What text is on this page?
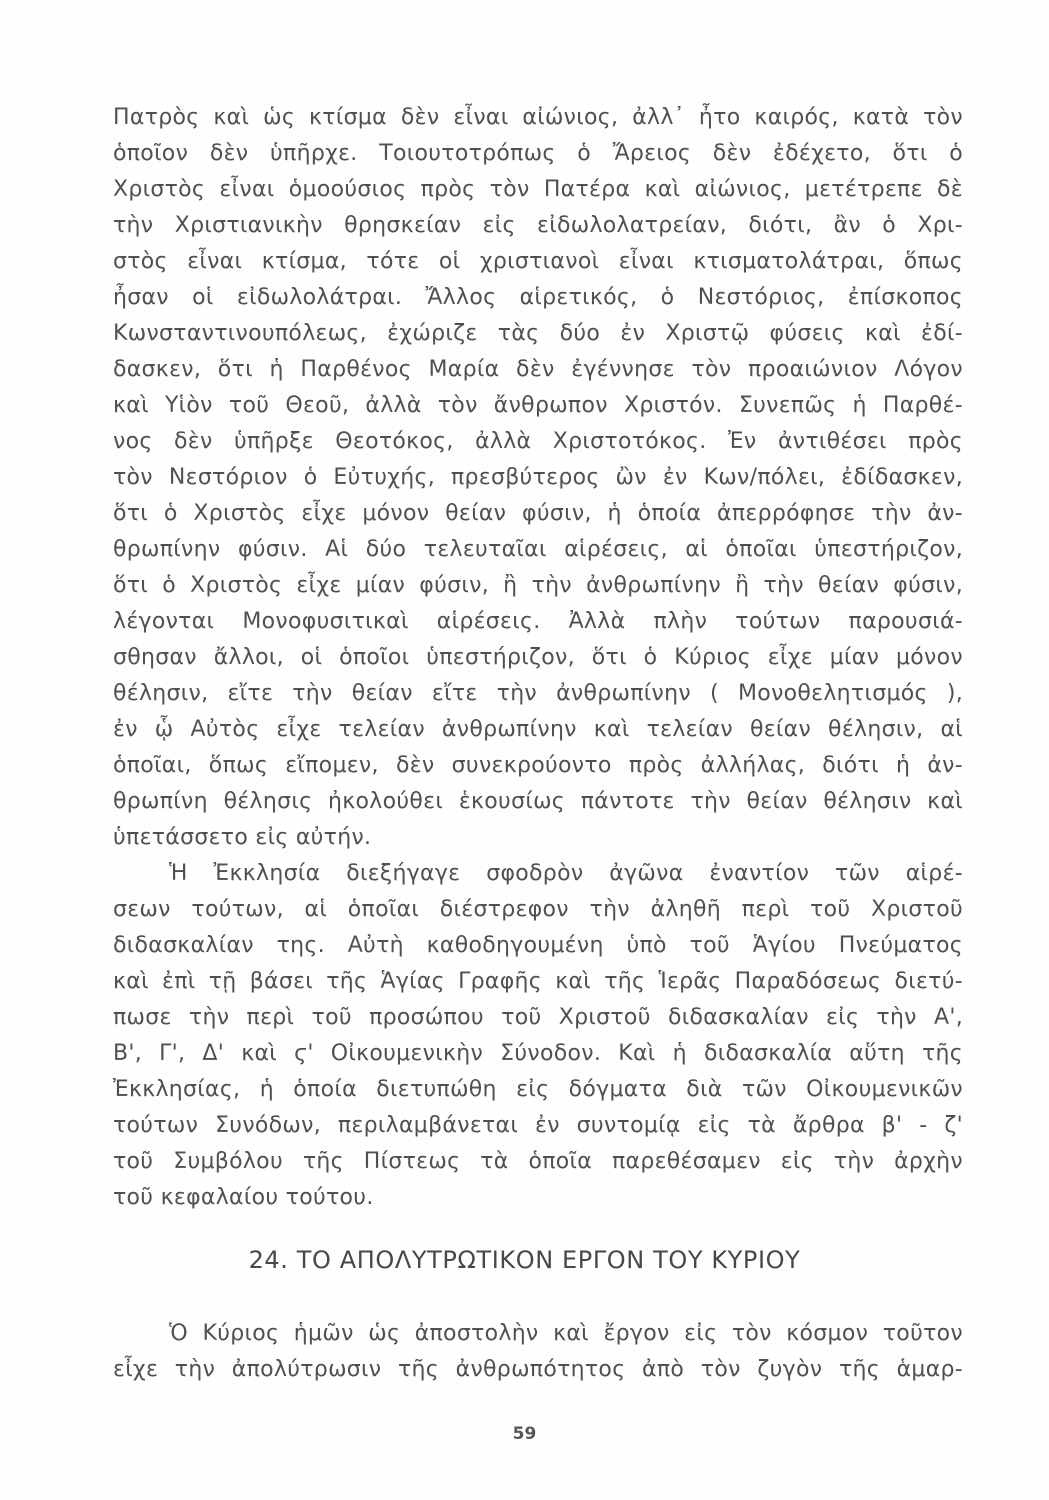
Πατρὸς καὶ ὡς κτίσμα δὲν εἶναι αἰώνιος, ἀλλ᾽ ἦτο καιρός, κατὰ τὸν

ὁποῖον δὲν ὑπῆρχε. Τοιουτοτρόπως ὁ Ἄρειος δὲν ἐδέχετο, ὅτι ὁ

Χριστὸς εἶναι ὁμοούσιος πρὸς τὸν Πατέρα καὶ αἰώνιος, μετέτρεπε δὲ

τὴν Χριστιανικὴν θρησκείαν εἰς εἰδωλολατρείαν, διότι, ἂν ὁ Χρι-

στὸς εἶναι κτίσμα, τότε οἱ χριστιανοὶ εἶναι κτισματολάτραι, ὅπως

ἦσαν οἱ εἰδωλολάτραι. Ἄλλος αἱρετικός, ὁ Νεστόριος, ἐπίσκοπος

Κωνσταντινουπόλεως, ἐχώριζε τὰς δύο ἐν Χριστῷ φύσεις καὶ ἐδί-

δασκεν, ὅτι ἡ Παρθένος Μαρία δὲν ἐγέννησε τὸν προαιώνιον Λόγον

καὶ Υἱὸν τοῦ Θεοῦ, ἀλλὰ τὸν ἄνθρωπον Χριστόν. Συνεπῶς ἡ Παρθέ-

νος δὲν ὑπῆρξε Θεοτόκος, ἀλλὰ Χριστοτόκος. Ἐν ἀντιθέσει πρὸς

τὸν Νεστόριον ὁ Εὐτυχής, πρεσβύτερος ὢν ἐν Κων/πόλει, ἐδίδασκεν,

ὅτι ὁ Χριστὸς εἶχε μόνον θείαν φύσιν, ἡ ὁποία ἀπερρόφησε τὴν ἀν-

θρωπίνην φύσιν. Αἱ δύο τελευταῖαι αἱρέσεις, αἱ ὁποῖαι ὑπεστήριζον,

ὅτι ὁ Χριστὸς εἶχε μίαν φύσιν, ἢ τὴν ἀνθρωπίνην ἢ τὴν θείαν φύσιν,

λέγονται Μονοφυσιτικαὶ αἱρέσεις. Ἀλλὰ πλὴν τούτων παρουσιά-

σθησαν ἄλλοι, οἱ ὁποῖοι ὑπεστήριζον, ὅτι ὁ Κύριος εἶχε μίαν μόνον

θέλησιν, εἴτε τὴν θείαν εἴτε τὴν ἀνθρωπίνην ( Μονοθελητισμός ),

ἐν ᾧ Αὐτὸς εἶχε τελείαν ἀνθρωπίνην καὶ τελείαν θείαν θέλησιν, αἱ

ὁποῖαι, ὅπως εἴπομεν, δὲν συνεκρούοντο πρὸς ἀλλήλας, διότι ἡ ἀν-

θρωπίνη θέλησις ἠκολούθει ἑκουσίως πάντοτε τὴν θείαν θέλησιν καὶ

ὑπετάσσετο εἰς αὐτήν.

Ἡ Ἐκκλησία διεξήγαγε σφοδρὸν ἀγῶνα ἐναντίον τῶν αἱρέ-

σεων τούτων, αἱ ὁποῖαι διέστρεφον τὴν ἀληθῆ περὶ τοῦ Χριστοῦ

διδασκαλίαν της. Αὐτὴ καθοδηγουμένη ὑπὸ τοῦ Ἁγίου Πνεύματος

καὶ ἐπὶ τῇ βάσει τῆς Ἁγίας Γραφῆς καὶ τῆς Ἱερᾶς Παραδόσεως διετύ-

πωσε τὴν περὶ τοῦ προσώπου τοῦ Χριστοῦ διδασκαλίαν εἰς τὴν Α',

Β', Γ', Δ' καὶ ϛ' Οἰκουμενικὴν Σύνοδον. Καὶ ἡ διδασκαλία αὕτη τῆς

Ἐκκλησίας, ἡ ὁποία διετυπώθη εἰς δόγματα διὰ τῶν Οἰκουμενικῶν

τούτων Συνόδων, περιλαμβάνεται ἐν συντομίᾳ εἰς τὰ ἄρθρα β' - ζ'

τοῦ Συμβόλου τῆς Πίστεως τὰ ὁποῖα παρεθέσαμεν εἰς τὴν ἀρχὴν

τοῦ κεφαλαίου τούτου.

24. ΤΟ ΑΠΟΛΥΤΡΩΤΙΚΟΝ ΕΡΓΟΝ ΤΟΥ ΚΥΡΙΟΥ

Ὁ Κύριος ἡμῶν ὡς ἀποστολὴν καὶ ἔργον εἰς τὸν κόσμον τοῦτον

εἶχε τὴν ἀπολύτρωσιν τῆς ἀνθρωπότητος ἀπὸ τὸν ζυγὸν τῆς ἁμαρ-

59
